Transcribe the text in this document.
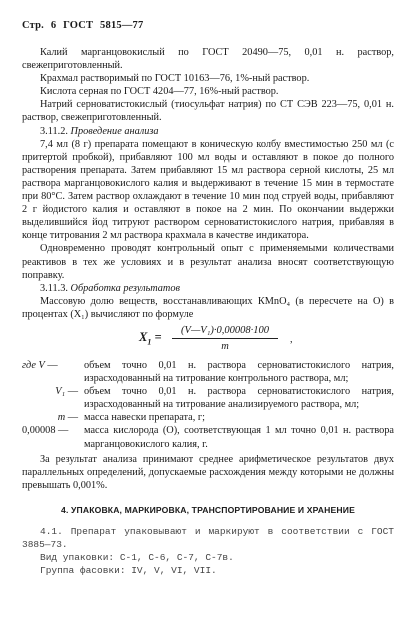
Стр. 6 ГОСТ 5815—77

Калий марганцовокислый по ГОСТ 20490—75, 0,01 н. раствор, свежеприготовленный.

Крахмал растворимый по ГОСТ 10163—76, 1%-ный раствор.

Кислота серная по ГОСТ 4204—77, 16%-ный раствор.

Натрий серноватистокислый (тиосульфат натрия) по СТ СЭВ 223—75, 0,01 н. раствор, свежеприготовленный.

3.11.2. Проведение анализа

7,4 мл (8 г) препарата помещают в коническую колбу вместимостью 250 мл (с притертой пробкой), прибавляют 100 мл воды и оставляют в покое до полного растворения препарата. Затем прибавляют 15 мл раствора серной кислоты, 25 мл раствора марганцовокислого калия и выдерживают в течение 15 мин в термостате при 80°С. Затем раствор охлаждают в течение 10 мин под струей воды, прибавляют 2 г йодистого калия и оставляют в покое на 2 мин. По окончании выдержки выделившийся йод титруют раствором серноватистокислого натрия, прибавляя в конце титрования 2 мл раствора крахмала в качестве индикатора.

Одновременно проводят контрольный опыт с применяемыми количествами реактивов в тех же условиях и в результат анализа вносят соответствующую поправку.

3.11.3. Обработка результатов

Массовую долю веществ, восстанавливающих КМnO₄ (в пересчете на О) в процентах (X₁) вычисляют по формуле

$X_1 = \frac{\text{(V—V₁)·0,00008·100}}{m}$ ,
где V —	объем точно 0,01 н. раствора серноватистокислого натрия, израсходованный на титрование контрольного раствора, мл;
V₁ — объем точно 0,01 н. раствора серноватистокислого натрия, израсходованный на титрование анализируемого раствора, мл;
m — масса навески препарата, г;
0,00008 —	масса кислорода (О), соответствующая 1 мл точно 0,01 н. раствора марганцовокислого калия, г.

За результат анализа принимают среднее арифметическое результатов двух параллельных определений, допускаемые расхождения между которыми не должны превышать 0,001%.

4. УПАКОВКА, МАРКИРОВКА, ТРАНСПОРТИРОВАНИЕ И ХРАНЕНИЕ

4.1. Препарат упаковывают и маркируют в соответствии с ГОСТ 3885—73.

Вид упаковки: С-1, С-6, С-7, С-7в.

Группа фасовки: IV, V, VI, VII.
